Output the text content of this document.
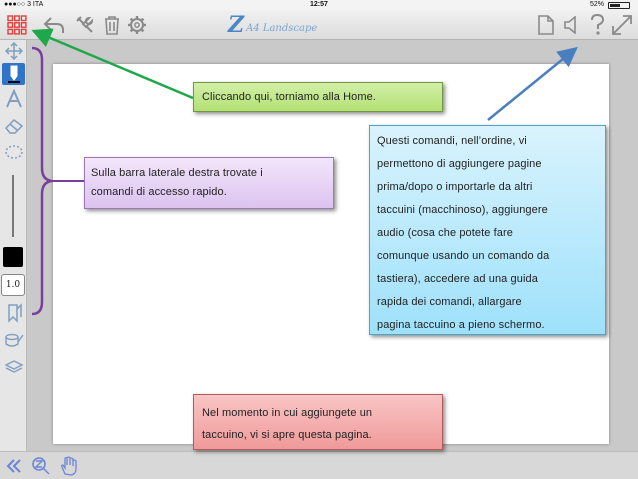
●●●○○ 3 ITA	12:57	52%
Z A4 Landscape
1.0
Cliccando qui, torniamo alla Home.
Sulla barra laterale destra trovate i
comandi di accesso rapido.
Questi comandi, nell’ordine, vi
permettono di aggiungere pagine
prima/dopo o importarle da altri
taccuini (macchinoso), aggiungere
audio (cosa che potete fare
comunque usando un comando da
tastiera), accedere ad una guida
rapida dei comandi, allargare
pagina taccuino a pieno schermo.
Nel momento in cui aggiungete un
taccuino, vi si apre questa pagina.
